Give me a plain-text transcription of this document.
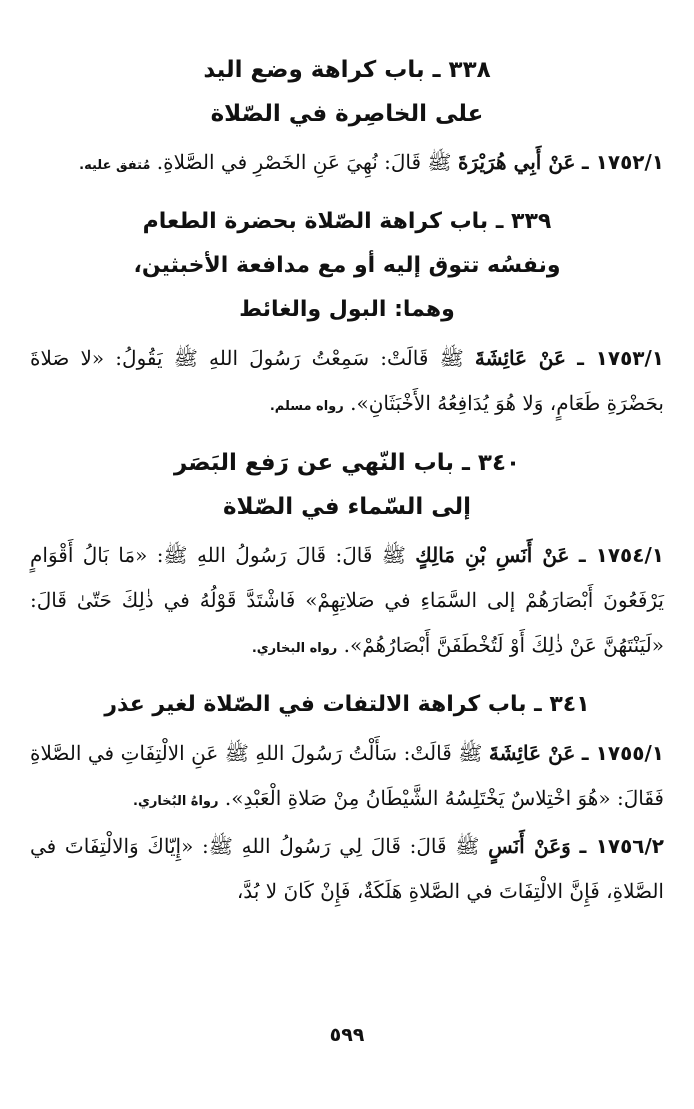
٣٣٨ ـ باب كراهة وضع اليد
على الخاصِرة في الصّلاة

١٧٥٢/١ ـ عَنْ أَبِي هُرَيْرَةَ ﷺ قَالَ: نُهِيَ عَنِ الخَصْرِ في الصَّلاةِ. مُتفق عليه.

٣٣٩ ـ باب كراهة الصّلاة بحضرة الطعام
ونفسُه تتوق إليه أو مع مدافعة الأخبثين،
وهما: البول والغائط

١٧٥٣/١ ـ عَنْ عَائِشَةَ ﷺ قَالَتْ: سَمِعْتُ رَسُولَ اللهِ ﷺ يَقُولُ: «لا صَلاةَ بحَضْرَةِ طَعَامٍ، وَلا هُوَ يُدَافِعُهُ الأَخْبَثَانِ». رواه مسلم.

٣٤٠ ـ باب النّهي عن رَفع البَصَر
إلى السّماء في الصّلاة

١٧٥٤/١ ـ عَنْ أَنَسِ بْنِ مَالِكٍ ﷺ قَالَ: قَالَ رَسُولُ اللهِ ﷺ: «مَا بَالُ أَقْوَامٍ يَرْفَعُونَ أَبْصَارَهُمْ إلى السَّمَاءِ في صَلاتِهِمْ» فَاشْتَدَّ قَوْلُهُ في ذٰلِكَ حَتّىٰ قَالَ: «لَيَنْتَهُنَّ عَنْ ذٰلِكَ أَوْ لَتُخْطَفَنَّ أَبْصَارُهُمْ». رواه البخاري.

٣٤١ ـ باب كراهة الالتفات في الصّلاة لغير عذر

١٧٥٥/١ ـ عَنْ عَائِشَةَ ﷺ قَالَتْ: سَأَلْتُ رَسُولَ اللهِ ﷺ عَنِ الالْتِفَاتِ في الصَّلاةِ فَقَالَ: «هُوَ اخْتِلاسٌ يَخْتَلِسُهُ الشَّيْطَانُ مِنْ صَلاةِ الْعَبْدِ». رواهُ البُخاري.

١٧٥٦/٢ ـ وَعَنْ أَنَسٍ ﷺ قَالَ: قَالَ لِي رَسُولُ اللهِ ﷺ: «إِيّاكَ وَالالْتِفَاتَ في الصَّلاةِ، فَإِنَّ الالْتِفَاتَ في الصَّلاةِ هَلَكَةٌ، فَإِنْ كَانَ لا بُدَّ،

٥٩٩
